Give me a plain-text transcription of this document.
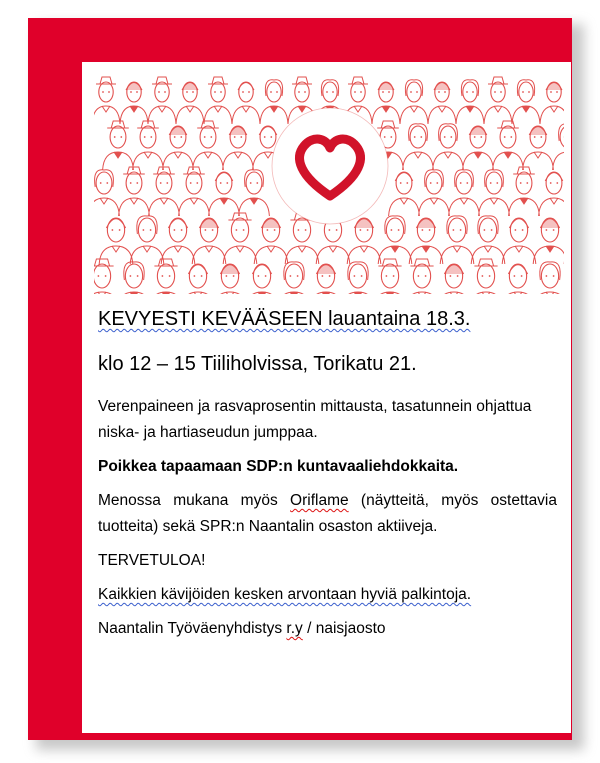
KEVYESTI KEVÄÄSEEN lauantaina 18.3.
klo 12 – 15 Tiiliholvissa, Torikatu 21.
Verenpaineen ja rasvaprosentin mittausta, tasatunnein ohjattua niska- ja hartiaseudun jumppaa.
Poikkea tapaamaan SDP:n kuntavaaliehdokkaita.
Menossa mukana myös Oriflame (näytteitä, myös ostettavia tuotteita) sekä SPR:n Naantalin osaston aktiiveja.
TERVETULOA!
Kaikkien kävijöiden kesken arvontaan hyviä palkintoja.
Naantalin Työväenyhdistys r.y / naisjaosto
